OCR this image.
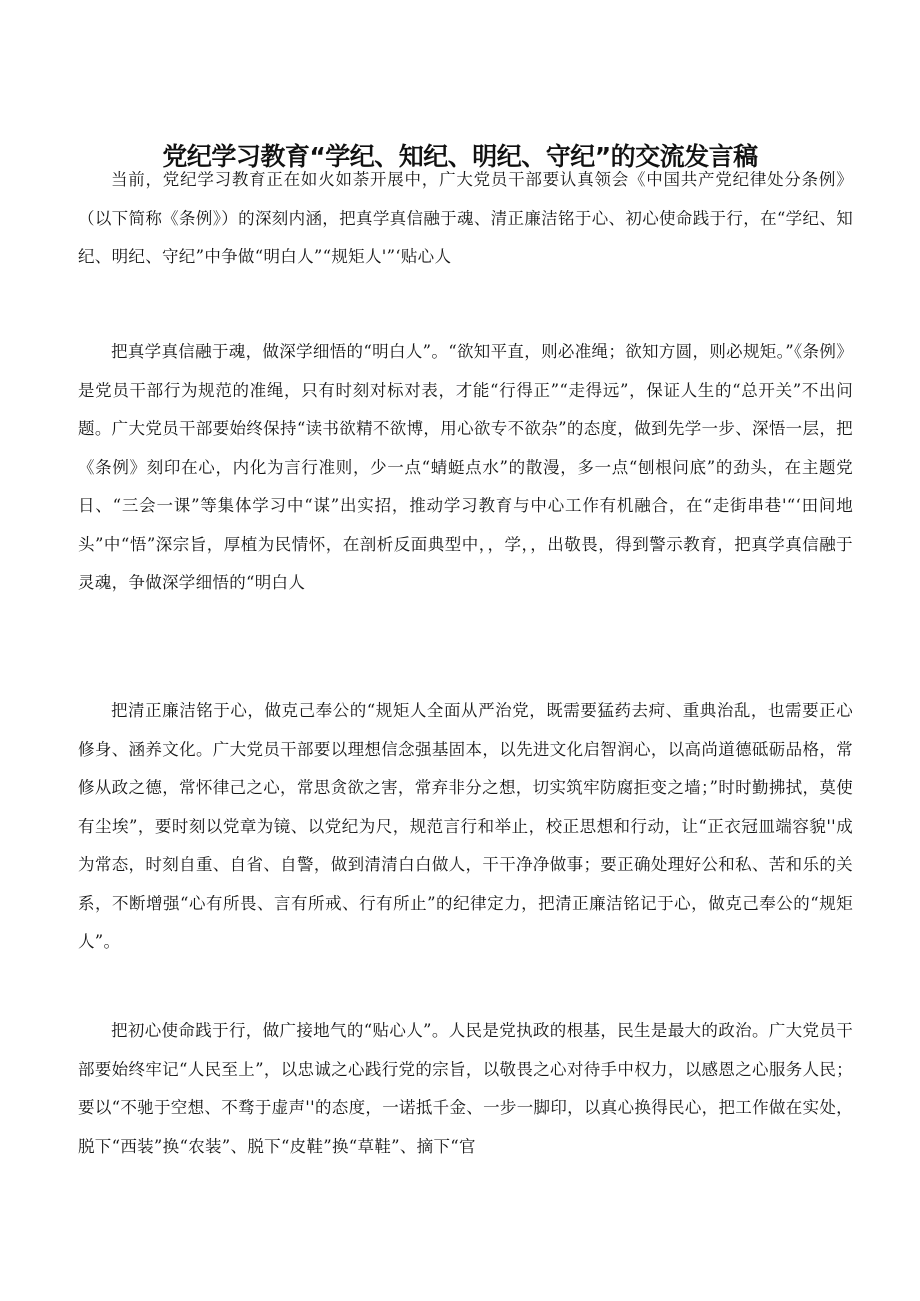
党纪学习教育“学纪、知纪、明纪、守纪”的交流发言稿

当前，党纪学习教育正在如火如荼开展中，广大党员干部要认真领会《中国共产党纪律处分条例》（以下简称《条例》）的深刻内涵，把真学真信融于魂、清正廉洁铭于心、初心使命践于行，在“学纪、知纪、明纪、守纪”中争做“明白人”“规矩人'”‘贴心人

把真学真信融于魂，做深学细悟的“明白人”。“欲知平直，则必准绳；欲知方圆，则必规矩。”《条例》是党员干部行为规范的准绳，只有时刻对标对表，才能“行得正”“走得远”，保证人生的“总开关”不出问题。广大党员干部要始终保持“读书欲精不欲博，用心欲专不欲杂”的态度，做到先学一步、深悟一层，把《条例》刻印在心，内化为言行准则，少一点“蜻蜓点水”的散漫，多一点“刨根问底”的劲头，在主题党日、“三会一课”等集体学习中“谋”出实招，推动学习教育与中心工作有机融合，在“走街串巷'“‘田间地头”中“悟”深宗旨，厚植为民情怀，在剖析反面典型中，，学，，出敬畏，得到警示教育，把真学真信融于灵魂，争做深学细悟的“明白人

把清正廉洁铭于心，做克己奉公的“规矩人全面从严治党，既需要猛药去疴、重典治乱，也需要正心修身、涵养文化。广大党员干部要以理想信念强基固本，以先进文化启智润心，以高尚道德砥砺品格，常修从政之德，常怀律己之心，常思贪欲之害，常弃非分之想，切实筑牢防腐拒变之墙；”时时勤拂拭，莫使有尘埃”，要时刻以党章为镜、以党纪为尺，规范言行和举止，校正思想和行动，让“正衣冠皿端容貌''成为常态，时刻自重、自省、自警，做到清清白白做人，干干净净做事；要正确处理好公和私、苦和乐的关系，不断增强“心有所畏、言有所戒、行有所止”的纪律定力，把清正廉洁铭记于心，做克己奉公的“规矩人”。

把初心使命践于行，做广接地气的“贴心人”。人民是党执政的根基，民生是最大的政治。广大党员干部要始终牢记“人民至上”，以忠诚之心践行党的宗旨，以敬畏之心对待手中权力，以感恩之心服务人民；要以“不驰于空想、不骛于虚声''的态度，一诺抵千金、一步一脚印，以真心换得民心，把工作做在实处，脱下“西装”换“农装”、脱下“皮鞋”换“草鞋”、摘下“官
